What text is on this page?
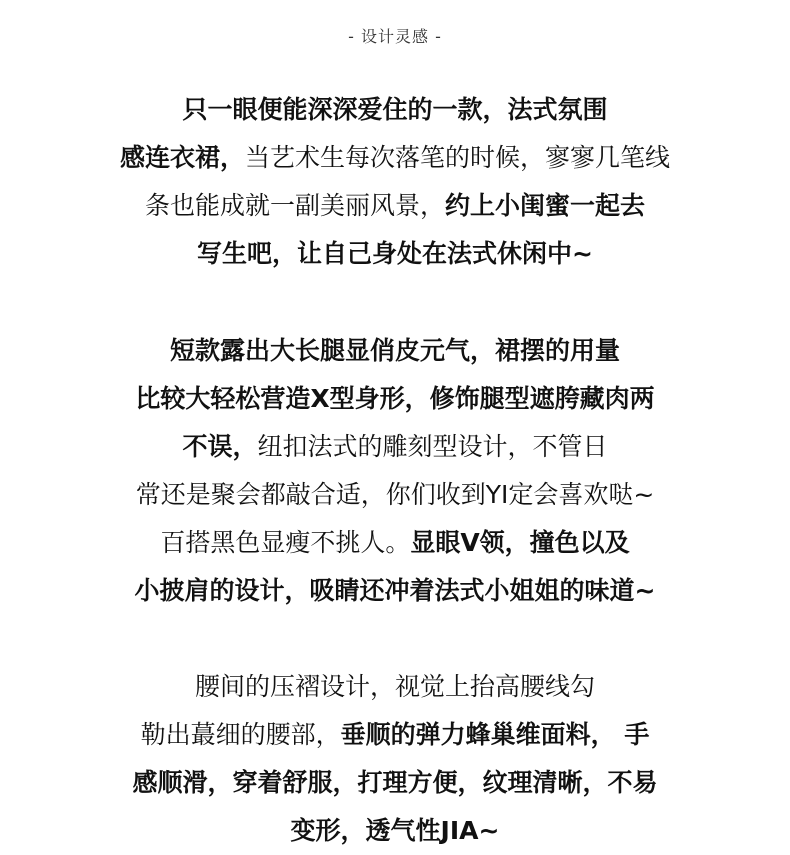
- 设计灵感 -
只一眼便能深深爱住的一款，法式氛围
感连衣裙，当艺术生每次落笔的时候，寥寥几笔线
条也能成就一副美丽风景，约上小闺蜜一起去
写生吧，让自己身处在法式休闲中~
短款露出大长腿显俏皮元气，裙摆的用量
比较大轻松营造X型身形，修饰腿型遮胯藏肉两
不误，纽扣法式的雕刻型设计，不管日
常还是聚会都敲合适，你们收到YI定会喜欢哒~
百搭黑色显瘦不挑人。显眼V领，撞色以及
小披肩的设计，吸睛还冲着法式小姐姐的味道~
腰间的压褶设计，视觉上抬高腰线勾
勒出蕞细的腰部，垂顺的弹力蜂巢维面料， 手
感顺滑，穿着舒服，打理方便，纹理清晰，不易
变形，透气性JIA~
